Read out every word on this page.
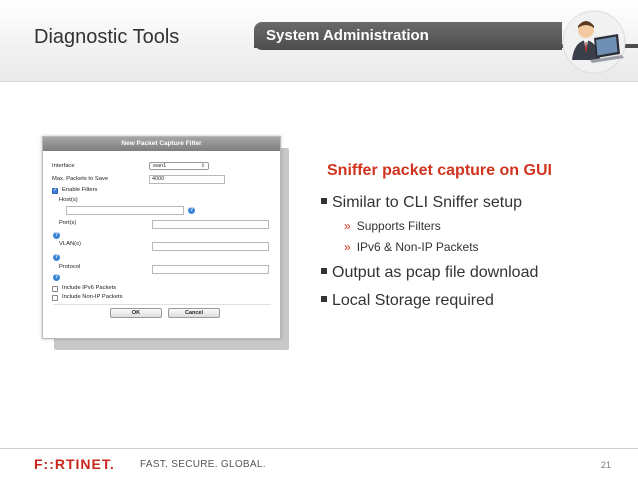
Diagnostic Tools	System Administration
New Packet Capture Filter
Interface	wan1	⇕
Max. Packets to Save	4000
✓
Enable Filters
Host(s)
?
Port(s)
?
VLAN(s)
?
Protocol
?
Include IPv6 Packets
Include Non-IP Packets
OK	Cancel
Sniffer packet capture on GUI
Similar to CLI Sniffer setup
» Supports Filters
» IPv6 & Non-IP Packets
Output as pcap file download
Local Storage required
F::RTINET.	FAST. SECURE. GLOBAL.	21
